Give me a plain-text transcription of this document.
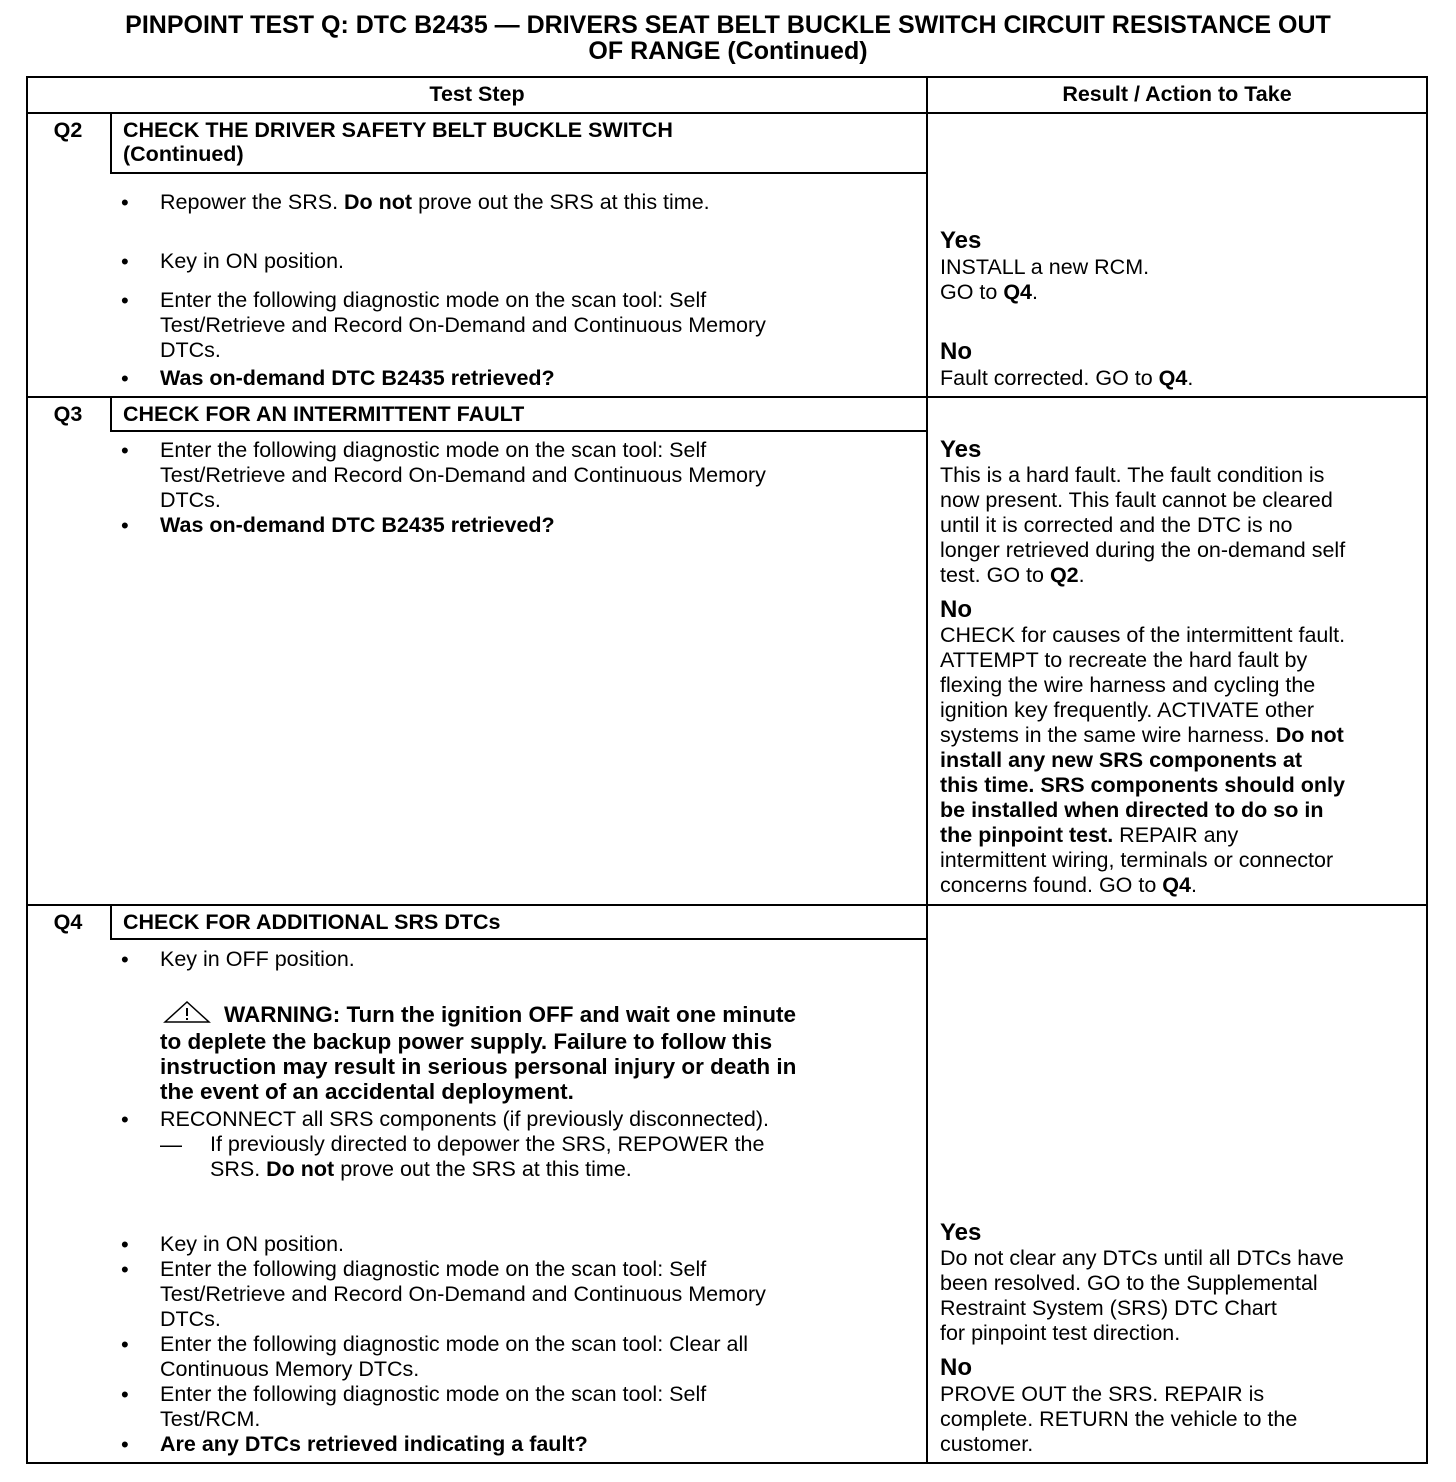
PINPOINT TEST Q: DTC B2435 — DRIVERS SEAT BELT BUCKLE SWITCH CIRCUIT RESISTANCE OUT
OF RANGE (Continued)
Test Step	Result / Action to Take
Q2	CHECK THE DRIVER SAFETY BELT BUCKLE SWITCH
(Continued)
• Repower the SRS. Do not prove out the SRS at this time.
• Key in ON position.
• Enter the following diagnostic mode on the scan tool: Self
Test/Retrieve and Record On-Demand and Continuous Memory
DTCs.
• Was on-demand DTC B2435 retrieved?
Yes
INSTALL a new RCM.
GO to Q4.
No
Fault corrected. GO to Q4.
Q3	CHECK FOR AN INTERMITTENT FAULT
• Enter the following diagnostic mode on the scan tool: Self
Test/Retrieve and Record On-Demand and Continuous Memory
DTCs.
• Was on-demand DTC B2435 retrieved?
Yes
This is a hard fault. The fault condition is
now present. This fault cannot be cleared
until it is corrected and the DTC is no
longer retrieved during the on-demand self
test. GO to Q2.
No
CHECK for causes of the intermittent fault.
ATTEMPT to recreate the hard fault by
flexing the wire harness and cycling the
ignition key frequently. ACTIVATE other
systems in the same wire harness. Do not
install any new SRS components at
this time. SRS components should only
be installed when directed to do so in
the pinpoint test. REPAIR any
intermittent wiring, terminals or connector
concerns found. GO to Q4.
Q4	CHECK FOR ADDITIONAL SRS DTCs
• Key in OFF position.
WARNING: Turn the ignition OFF and wait one minute
to deplete the backup power supply. Failure to follow this
instruction may result in serious personal injury or death in
the event of an accidental deployment.
• RECONNECT all SRS components (if previously disconnected).
— If previously directed to depower the SRS, REPOWER the
SRS. Do not prove out the SRS at this time.
• Key in ON position.
• Enter the following diagnostic mode on the scan tool: Self
Test/Retrieve and Record On-Demand and Continuous Memory
DTCs.
• Enter the following diagnostic mode on the scan tool: Clear all
Continuous Memory DTCs.
• Enter the following diagnostic mode on the scan tool: Self
Test/RCM.
• Are any DTCs retrieved indicating a fault?
Yes
Do not clear any DTCs until all DTCs have
been resolved. GO to the Supplemental
Restraint System (SRS) DTC Chart
for pinpoint test direction.
No
PROVE OUT the SRS. REPAIR is
complete. RETURN the vehicle to the
customer.
